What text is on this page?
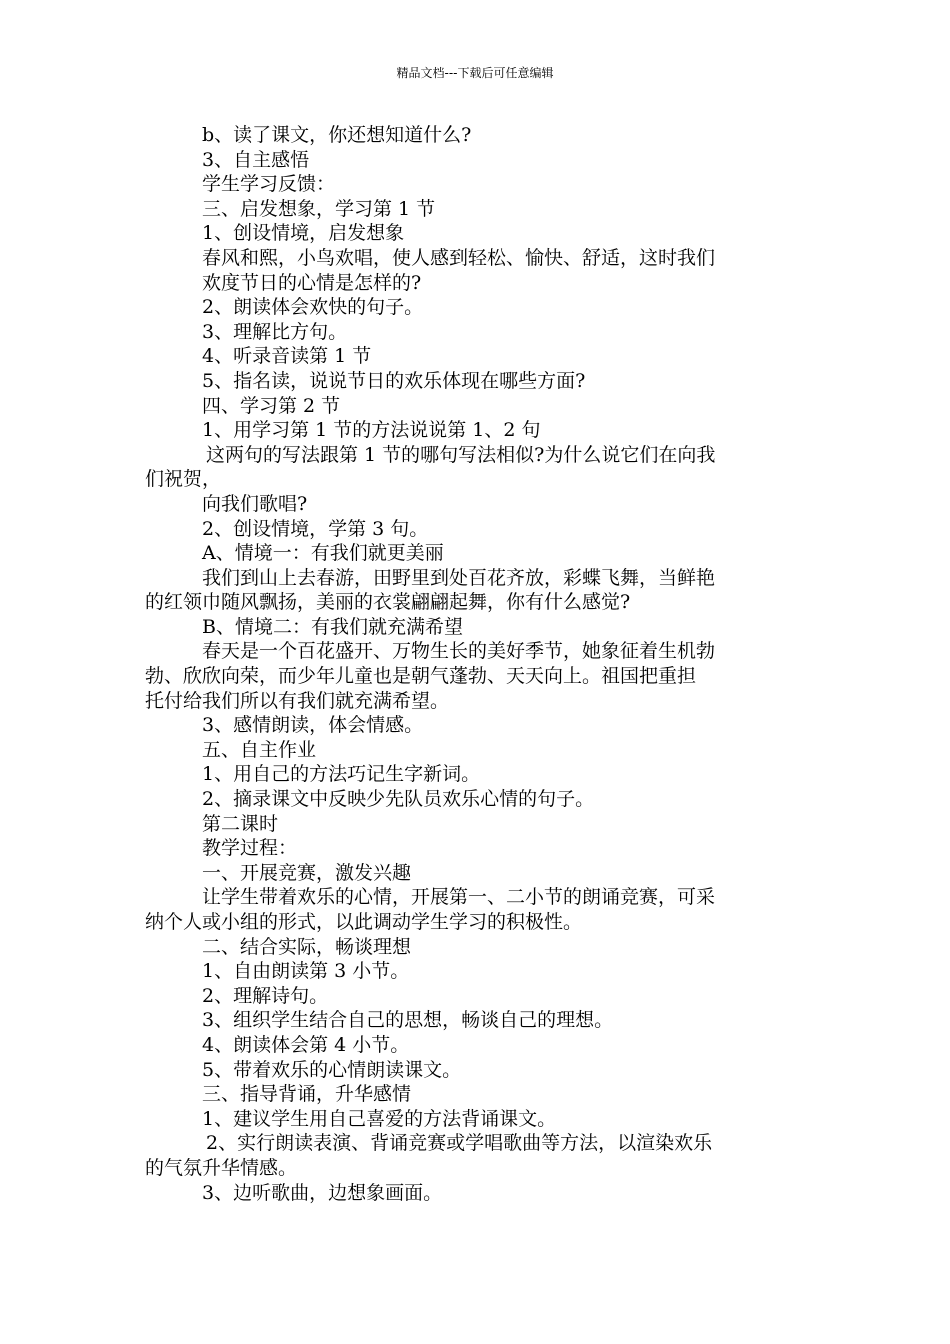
精品文档---下载后可任意编辑
b、读了课文，你还想知道什么?
3、自主感悟
学生学习反馈：
三、启发想象，学习第 1 节
1、创设情境，启发想象
春风和熙，小鸟欢唱，使人感到轻松、愉快、舒适，这时我们
欢度节日的心情是怎样的?
2、朗读体会欢快的句子。
3、理解比方句。
4、听录音读第 1 节
5、指名读，说说节日的欢乐体现在哪些方面?
四、学习第 2 节
1、用学习第 1 节的方法说说第 1、2 句
这两句的写法跟第 1 节的哪句写法相似?为什么说它们在向我
们祝贺，
向我们歌唱?
2、创设情境，学第 3 句。
A、情境一：有我们就更美丽
我们到山上去春游，田野里到处百花齐放，彩蝶飞舞，当鲜艳
的红领巾随风飘扬，美丽的衣裳翩翩起舞，你有什么感觉?
B、情境二：有我们就充满希望
春天是一个百花盛开、万物生长的美好季节，她象征着生机勃
勃、欣欣向荣，而少年儿童也是朝气蓬勃、天天向上。祖国把重担
托付给我们所以有我们就充满希望。
3、感情朗读，体会情感。
五、自主作业
1、用自己的方法巧记生字新词。
2、摘录课文中反映少先队员欢乐心情的句子。
第二课时
教学过程：
一、开展竞赛，激发兴趣
让学生带着欢乐的心情，开展第一、二小节的朗诵竞赛，可采
纳个人或小组的形式，以此调动学生学习的积极性。
二、结合实际，畅谈理想
1、自由朗读第 3 小节。
2、理解诗句。
3、组织学生结合自己的思想，畅谈自己的理想。
4、朗读体会第 4 小节。
5、带着欢乐的心情朗读课文。
三、指导背诵，升华感情
1、建议学生用自己喜爱的方法背诵课文。
2、实行朗读表演、背诵竞赛或学唱歌曲等方法，以渲染欢乐
的气氛升华情感。
3、边听歌曲，边想象画面。
